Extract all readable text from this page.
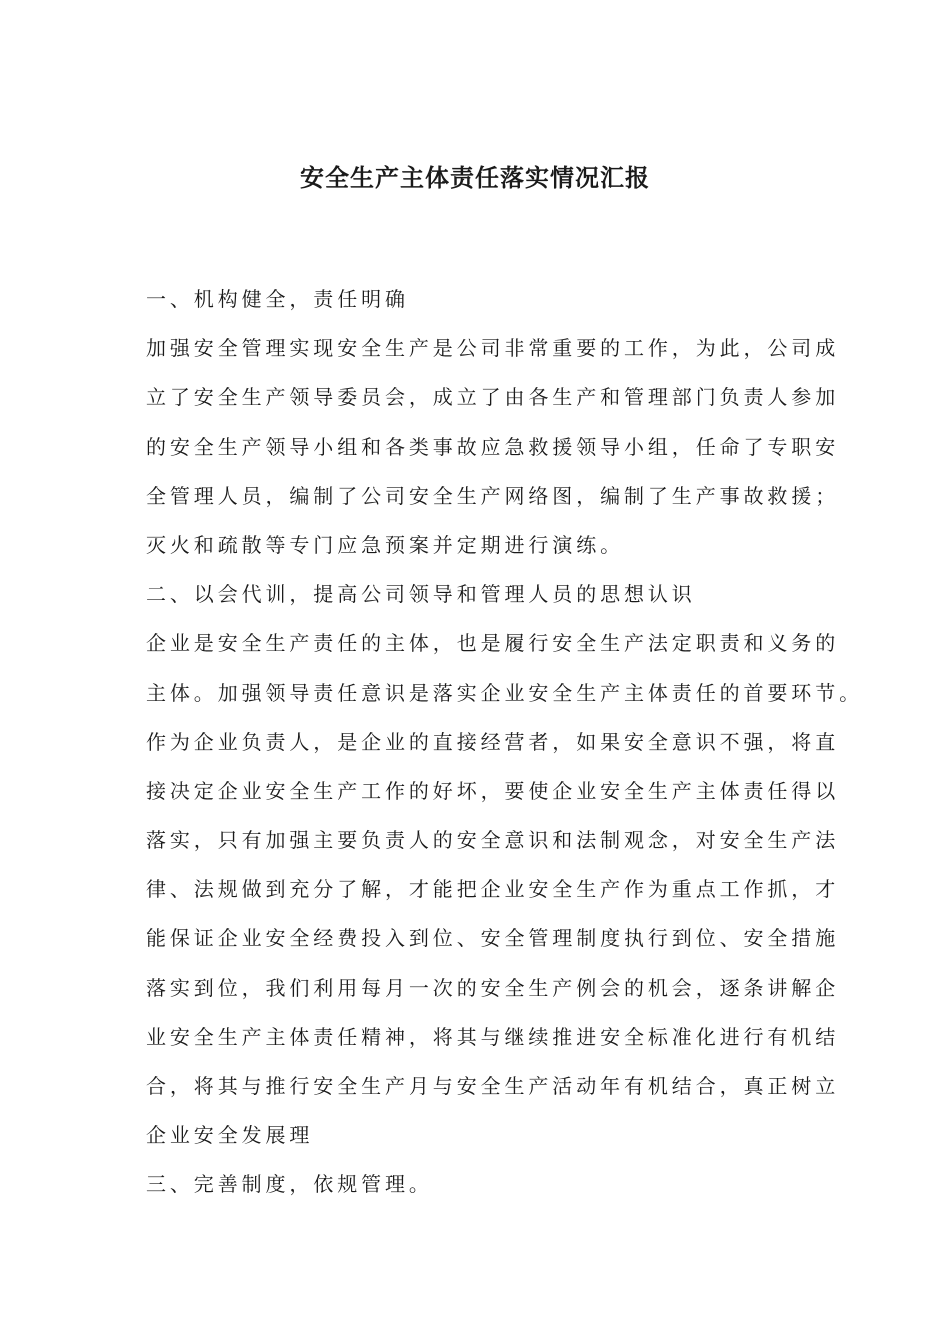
安全生产主体责任落实情况汇报
一、机构健全，责任明确
加强安全管理实现安全生产是公司非常重要的工作，为此，公司成
立了安全生产领导委员会，成立了由各生产和管理部门负责人参加
的安全生产领导小组和各类事故应急救援领导小组，任命了专职安
全管理人员，编制了公司安全生产网络图，编制了生产事故救援；
灭火和疏散等专门应急预案并定期进行演练。
二、以会代训，提高公司领导和管理人员的思想认识
企业是安全生产责任的主体，也是履行安全生产法定职责和义务的
主体。加强领导责任意识是落实企业安全生产主体责任的首要环节。
作为企业负责人，是企业的直接经营者，如果安全意识不强，将直
接决定企业安全生产工作的好坏，要使企业安全生产主体责任得以
落实，只有加强主要负责人的安全意识和法制观念，对安全生产法
律、法规做到充分了解，才能把企业安全生产作为重点工作抓，才
能保证企业安全经费投入到位、安全管理制度执行到位、安全措施
落实到位，我们利用每月一次的安全生产例会的机会，逐条讲解企
业安全生产主体责任精神，将其与继续推进安全标准化进行有机结
合，将其与推行安全生产月与安全生产活动年有机结合，真正树立
企业安全发展理
三、完善制度，依规管理。
